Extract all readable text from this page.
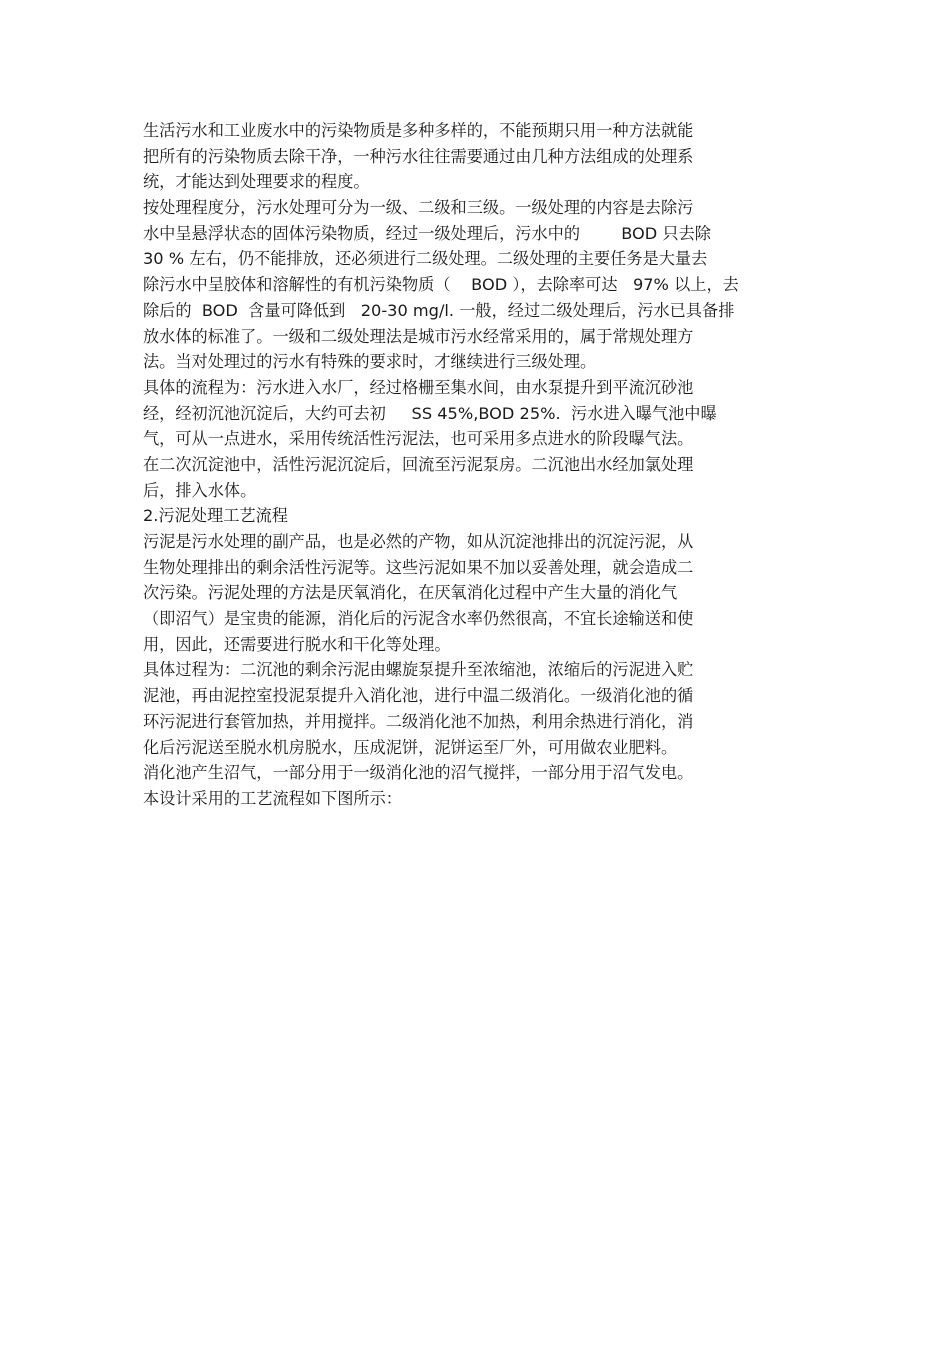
生活污水和工业废水中的污染物质是多种多样的，不能预期只用一种方法就能
把所有的污染物质去除干净，一种污水往往需要通过由几种方法组成的处理系
统，才能达到处理要求的程度。
按处理程度分，污水处理可分为一级、二级和三级。一级处理的内容是去除污
水中呈悬浮状态的固体污染物质，经过一级处理后，污水中的        BOD 只去除
30 % 左右，仍不能排放，还必须进行二级处理。二级处理的主要任务是大量去
除污水中呈胶体和溶解性的有机污染物质（    BOD ），去除率可达   97% 以上，去
除后的  BOD  含量可降低到   20-30 mg/l. 一般，经过二级处理后，污水已具备排
放水体的标准了。一级和二级处理法是城市污水经常采用的，属于常规处理方
法。当对处理过的污水有特殊的要求时，才继续进行三级处理。
具体的流程为：污水进入水厂，经过格栅至集水间，由水泵提升到平流沉砂池
经，经初沉池沉淀后，大约可去初     SS 45%,BOD 25%.  污水进入曝气池中曝
气，可从一点进水，采用传统活性污泥法，也可采用多点进水的阶段曝气法。
在二次沉淀池中，活性污泥沉淀后，回流至污泥泵房。二沉池出水经加氯处理
后，排入水体。
2.污泥处理工艺流程
污泥是污水处理的副产品，也是必然的产物，如从沉淀池排出的沉淀污泥，从
生物处理排出的剩余活性污泥等。这些污泥如果不加以妥善处理，就会造成二
次污染。污泥处理的方法是厌氧消化，在厌氧消化过程中产生大量的消化气
（即沼气）是宝贵的能源，消化后的污泥含水率仍然很高，不宜长途输送和使
用，因此，还需要进行脱水和干化等处理。
具体过程为：二沉池的剩余污泥由螺旋泵提升至浓缩池，浓缩后的污泥进入贮
泥池，再由泥控室投泥泵提升入消化池，进行中温二级消化。一级消化池的循
环污泥进行套管加热，并用搅拌。二级消化池不加热，利用余热进行消化，消
化后污泥送至脱水机房脱水，压成泥饼，泥饼运至厂外，可用做农业肥料。
消化池产生沼气，一部分用于一级消化池的沼气搅拌，一部分用于沼气发电。
本设计采用的工艺流程如下图所示：
